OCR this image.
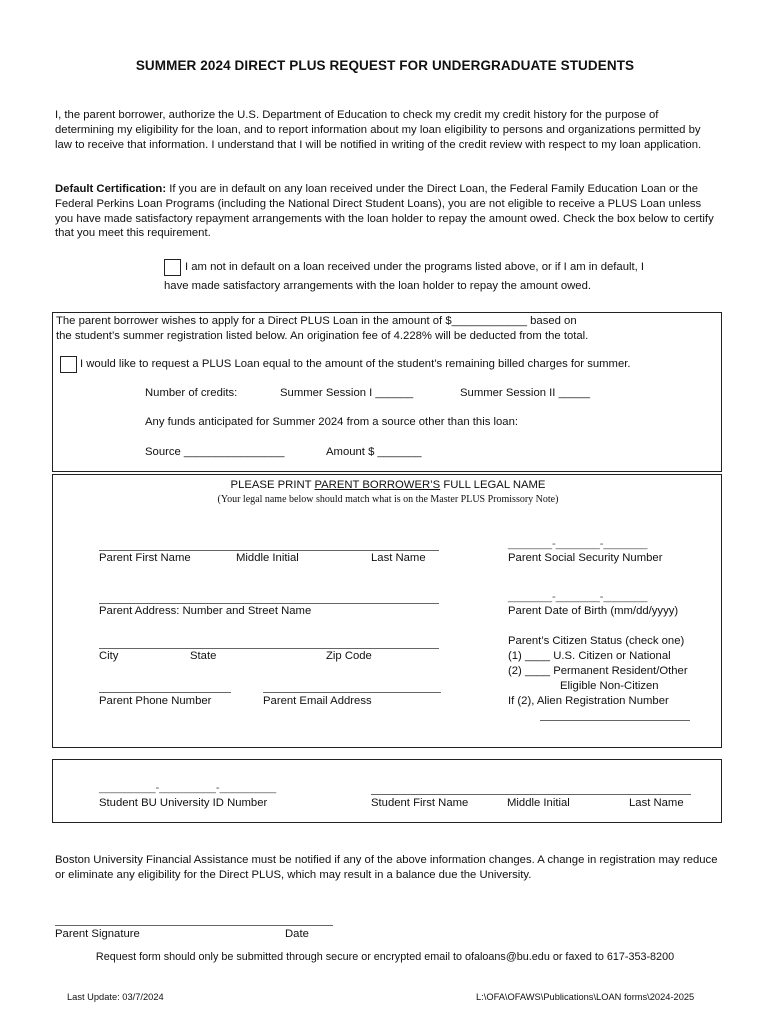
SUMMER 2024 DIRECT PLUS REQUEST FOR UNDERGRADUATE STUDENTS
I, the parent borrower, authorize the U.S. Department of Education to check my credit my credit history for the purpose of determining my eligibility for the loan, and to report information about my loan eligibility to persons and organizations permitted by law to receive that information. I understand that I will be notified in writing of the credit review with respect to my loan application.
Default Certification: If you are in default on any loan received under the Direct Loan, the Federal Family Education Loan or the Federal Perkins Loan Programs (including the National Direct Student Loans), you are not eligible to receive a PLUS Loan unless you have made satisfactory repayment arrangements with the loan holder to repay the amount owed. Check the box below to certify that you meet this requirement.
I am not in default on a loan received under the programs listed above, or if I am in default, I
have made satisfactory arrangements with the loan holder to repay the amount owed.
The parent borrower wishes to apply for a Direct PLUS Loan in the amount of $____________ based on
the student’s summer registration listed below. An origination fee of 4.228% will be deducted from the total.
I would like to request a PLUS Loan equal to the amount of the student’s remaining billed charges for summer.
Number of credits:	Summer Session I ______	Summer Session II _____
Any funds anticipated for Summer 2024 from a source other than this loan:
Source ________________	Amount $ _______
PLEASE PRINT PARENT BORROWER’S FULL LEGAL NAME
(Your legal name below should match what is on the Master PLUS Promissory Note)
Parent First Name	Middle Initial	Last Name
_______-_______-_______
Parent Social Security Number
Parent Address: Number and Street Name
_______-_______-_______
Parent Date of Birth (mm/dd/yyyy)
City	State	Zip Code
Parent’s Citizen Status (check one)
(1) ____ U.S. Citizen or National
(2) ____ Permanent Resident/Other
Eligible Non-Citizen
If (2), Alien Registration Number
Parent Phone Number	Parent Email Address
_________-_________-_________
Student BU University ID Number	Student First Name	Middle Initial	Last Name
Boston University Financial Assistance must be notified if any of the above information changes. A change in registration may reduce or eliminate any eligibility for the Direct PLUS, which may result in a balance due the University.
Parent Signature	Date
Request form should only be submitted through secure or encrypted email to ofaloans@bu.edu or faxed to 617-353-8200
Last Update: 03/7/2024	L:\OFA\OFAWS\Publications\LOAN forms\2024-2025
